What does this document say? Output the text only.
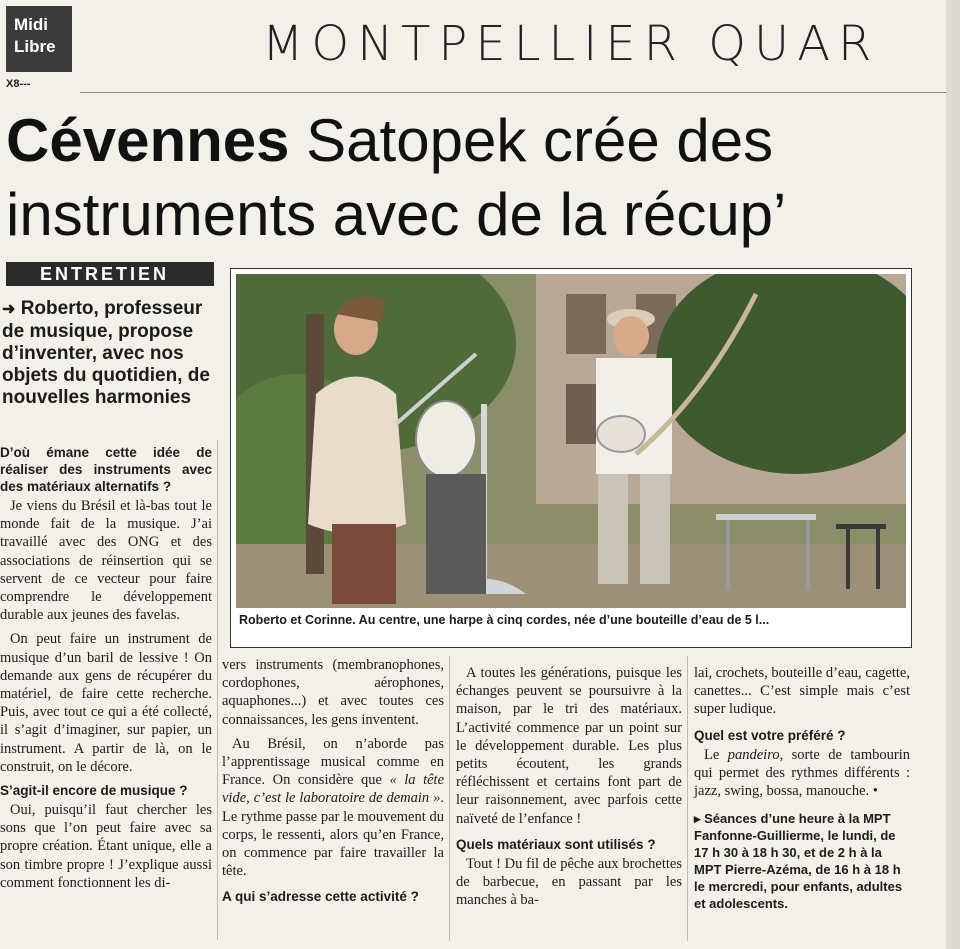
Midi
Libre	MONTPELLIER QUAR
X8---
Cévennes Satopek crée des instruments avec de la récup’
ENTRETIEN
➜ Roberto, professeur de musique, propose d’inventer, avec nos objets du quotidien, de nouvelles harmonies
Roberto et Corinne. Au centre, une harpe à cinq cordes, née d’une bouteille d’eau de 5 l...

D’où émane cette idée de réaliser des instruments avec des matériaux alternatifs ?

Je viens du Brésil et là-bas tout le monde fait de la musique. J’ai travaillé avec des ONG et des associations de réinsertion qui se servent de ce vecteur pour faire comprendre le développement durable aux jeunes des favelas.

On peut faire un instrument de musique d’un baril de lessive ! On demande aux gens de récupérer du matériel, de faire cette recherche. Puis, avec tout ce qui a été collecté, il s’agit d’imaginer, sur papier, un instrument. A partir de là, on le construit, on le décore.

S’agit-il encore de musique ?

Oui, puisqu’il faut chercher les sons que l’on peut faire avec sa propre création. Étant unique, elle a son timbre propre ! J’explique aussi comment fonctionnent les di-

vers instruments (membranophones, cordophones, aérophones, aquaphones...) et avec toutes ces connaissances, les gens inventent.

Au Brésil, on n’aborde pas l’apprentissage musical comme en France. On considère que « la tête vide, c’est le laboratoire de demain ». Le rythme passe par le mouvement du corps, le ressenti, alors qu’en France, on commence par faire travailler la tête.

A qui s’adresse cette activité ?

A toutes les générations, puisque les échanges peuvent se poursuivre à la maison, par le tri des matériaux. L’activité commence par un point sur le développement durable. Les plus petits écoutent, les grands réfléchissent et certains font part de leur raisonnement, avec parfois cette naïveté de l’enfance !

Quels matériaux sont utilisés ?

Tout ! Du fil de pêche aux brochettes de barbecue, en passant par les manches à ba-

lai, crochets, bouteille d’eau, cagette, canettes... C’est simple mais c’est super ludique.

Quel est votre préféré ?

Le pandeiro, sorte de tambourin qui permet des rythmes différents : jazz, swing, bossa, manouche. •

▸ Séances d’une heure à la MPT Fanfonne-Guillierme, le lundi, de 17 h 30 à 18 h 30, et de 2 h à la MPT Pierre-Azéma, de 16 h à 18 h le mercredi, pour enfants, adultes et adolescents.
